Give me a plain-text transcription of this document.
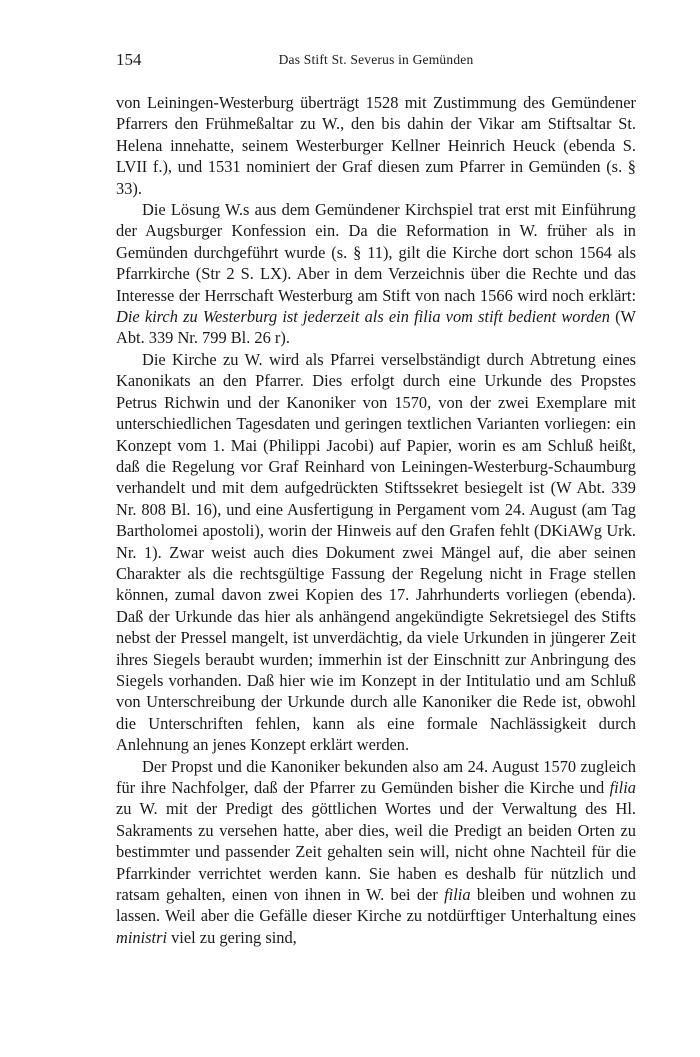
154	Das Stift St. Severus in Gemünden

von Leiningen-Westerburg überträgt 1528 mit Zustimmung des Gemündener Pfarrers den Frühmeßaltar zu W., den bis dahin der Vikar am Stiftsaltar St. Helena innehatte, seinem Westerburger Kellner Heinrich Heuck (ebenda S. LVII f.), und 1531 nominiert der Graf diesen zum Pfarrer in Gemünden (s. § 33).

Die Lösung W.s aus dem Gemündener Kirchspiel trat erst mit Einführung der Augsburger Konfession ein. Da die Reformation in W. früher als in Gemünden durchgeführt wurde (s. § 11), gilt die Kirche dort schon 1564 als Pfarrkirche (Str 2 S. LX). Aber in dem Verzeichnis über die Rechte und das Interesse der Herrschaft Westerburg am Stift von nach 1566 wird noch erklärt: Die kirch zu Westerburg ist jederzeit als ein filia vom stift bedient worden (W Abt. 339 Nr. 799 Bl. 26 r).

Die Kirche zu W. wird als Pfarrei verselbständigt durch Abtretung eines Kanonikats an den Pfarrer. Dies erfolgt durch eine Urkunde des Propstes Petrus Richwin und der Kanoniker von 1570, von der zwei Exemplare mit unterschiedlichen Tagesdaten und geringen textlichen Varianten vorliegen: ein Konzept vom 1. Mai (Philippi Jacobi) auf Papier, worin es am Schluß heißt, daß die Regelung vor Graf Reinhard von Leiningen-Westerburg-Schaumburg verhandelt und mit dem aufgedrückten Stiftssekret besiegelt ist (W Abt. 339 Nr. 808 Bl. 16), und eine Ausfertigung in Pergament vom 24. August (am Tag Bartholomei apostoli), worin der Hinweis auf den Grafen fehlt (DKiAWg Urk. Nr. 1). Zwar weist auch dies Dokument zwei Mängel auf, die aber seinen Charakter als die rechtsgültige Fassung der Regelung nicht in Frage stellen können, zumal davon zwei Kopien des 17. Jahrhunderts vorliegen (ebenda). Daß der Urkunde das hier als anhängend angekündigte Sekretsiegel des Stifts nebst der Pressel mangelt, ist unverdächtig, da viele Urkunden in jüngerer Zeit ihres Siegels beraubt wurden; immerhin ist der Einschnitt zur Anbringung des Siegels vorhanden. Daß hier wie im Konzept in der Intitulatio und am Schluß von Unterschreibung der Urkunde durch alle Kanoniker die Rede ist, obwohl die Unterschriften fehlen, kann als eine formale Nachlässigkeit durch Anlehnung an jenes Konzept erklärt werden.

Der Propst und die Kanoniker bekunden also am 24. August 1570 zugleich für ihre Nachfolger, daß der Pfarrer zu Gemünden bisher die Kirche und filia zu W. mit der Predigt des göttlichen Wortes und der Verwaltung des Hl. Sakraments zu versehen hatte, aber dies, weil die Predigt an beiden Orten zu bestimmter und passender Zeit gehalten sein will, nicht ohne Nachteil für die Pfarrkinder verrichtet werden kann. Sie haben es deshalb für nützlich und ratsam gehalten, einen von ihnen in W. bei der filia bleiben und wohnen zu lassen. Weil aber die Gefälle dieser Kirche zu notdürftiger Unterhaltung eines ministri viel zu gering sind,
